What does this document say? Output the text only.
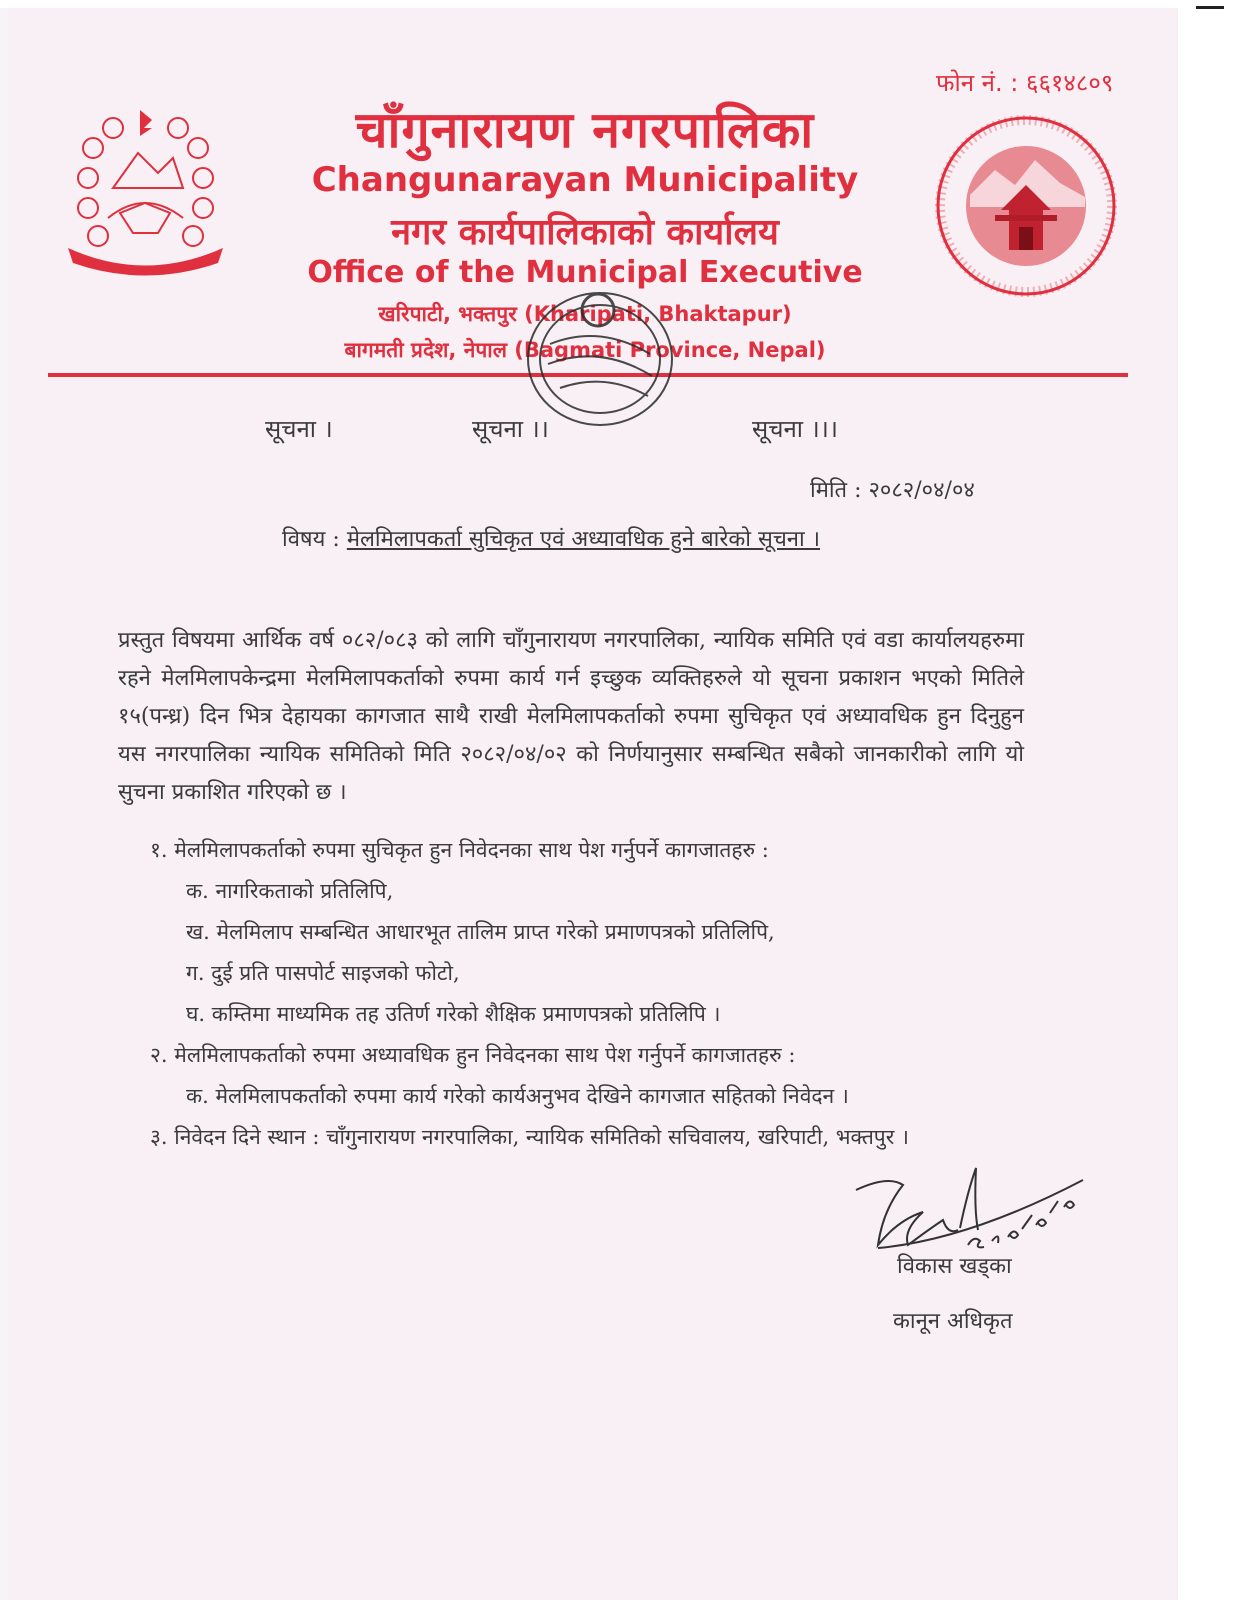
फोन नं. : ६६१४८०९
चाँगुनारायण नगरपालिका
Changunarayan Municipality
नगर कार्यपालिकाको कार्यालय
Office of the Municipal Executive
खरिपाटी, भक्तपुर (Kharipati, Bhaktapur)
बागमती प्रदेश, नेपाल (Bagmati Province, Nepal)
सूचना ।	सूचना ।।	सूचना ।।।
मिति : २०८२/०४/०४
विषय : मेलमिलापकर्ता सुचिकृत एवं अध्यावधिक हुने बारेको सूचना ।
प्रस्तुत विषयमा आर्थिक वर्ष ०८२/०८३ को लागि चाँगुनारायण नगरपालिका, न्यायिक समिति एवं वडा कार्यालयहरुमा रहने मेलमिलापकेन्द्रमा मेलमिलापकर्ताको रुपमा कार्य गर्न इच्छुक व्यक्तिहरुले यो सूचना प्रकाशन भएको मितिले १५(पन्ध्र) दिन भित्र देहायका कागजात साथै राखी मेलमिलापकर्ताको रुपमा सुचिकृत एवं अध्यावधिक हुन दिनुहुन यस नगरपालिका न्यायिक समितिको मिति २०८२/०४/०२ को निर्णयानुसार सम्बन्धित सबैको जानकारीको लागि यो सुचना प्रकाशित गरिएको छ ।
१. मेलमिलापकर्ताको रुपमा सुचिकृत हुन निवेदनका साथ पेश गर्नुपर्ने कागजातहरु :
क. नागरिकताको प्रतिलिपि,
ख. मेलमिलाप सम्बन्धित आधारभूत तालिम प्राप्त गरेको प्रमाणपत्रको प्रतिलिपि,
ग. दुई प्रति पासपोर्ट साइजको फोटो,
घ. कम्तिमा माध्यमिक तह उतिर्ण गरेको शैक्षिक प्रमाणपत्रको प्रतिलिपि ।
२. मेलमिलापकर्ताको रुपमा अध्यावधिक हुन निवेदनका साथ पेश गर्नुपर्ने कागजातहरु :
क. मेलमिलापकर्ताको रुपमा कार्य गरेको कार्यअनुभव देखिने कागजात सहितको निवेदन ।
३. निवेदन दिने स्थान : चाँगुनारायण नगरपालिका, न्यायिक समितिको सचिवालय, खरिपाटी, भक्तपुर ।
विकास खड्का
कानून अधिकृत
